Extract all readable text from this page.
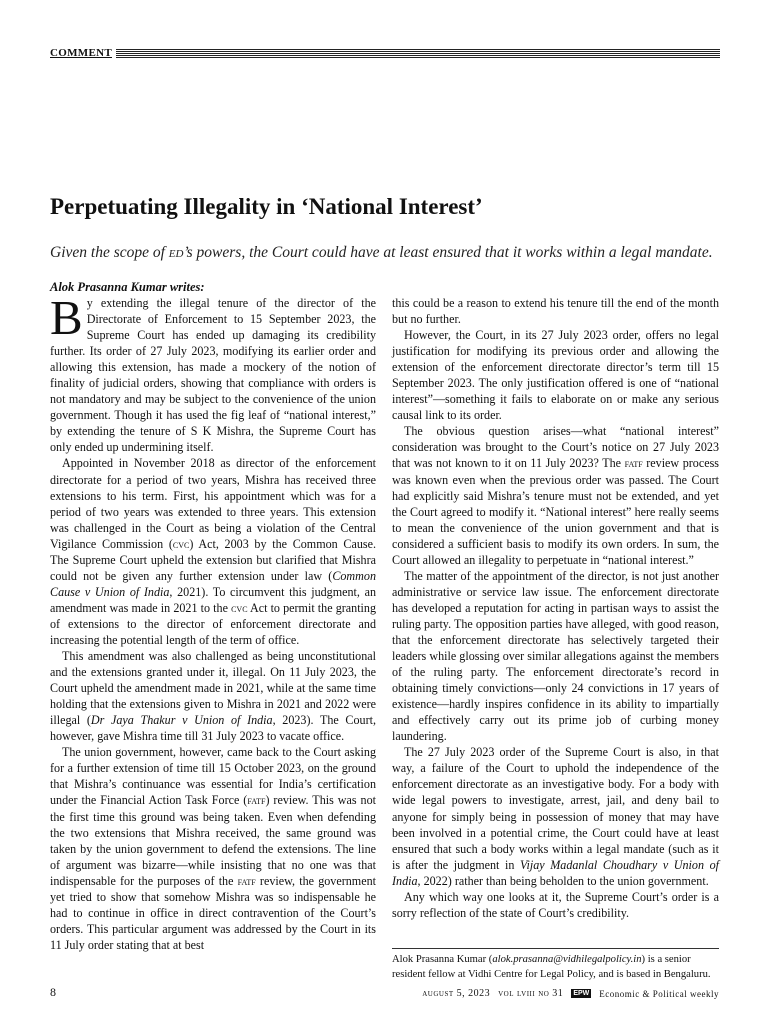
COMMENT
Perpetuating Illegality in ‘National Interest’

Given the scope of ed’s powers, the Court could have at least ensured that it works within a legal mandate.

Alok Prasanna Kumar writes:

By extending the illegal tenure of the director of the Directorate of Enforcement to 15 September 2023, the Supreme Court has ended up damaging its credibility further. Its order of 27 July 2023, modifying its earlier order and allowing this extension, has made a mockery of the notion of finality of judicial orders, showing that compliance with orders is not mandatory and may be subject to the convenience of the union government. Though it has used the fig leaf of “national interest,” by extending the tenure of S K Mishra, the Supreme Court has only ended up undermining itself.

Appointed in November 2018 as director of the enforcement directorate for a period of two years, Mishra has received three extensions to his term. First, his appointment which was for a period of two years was extended to three years. This extension was challenged in the Court as being a violation of the Central Vigilance Commission (cvc) Act, 2003 by the Common Cause. The Supreme Court upheld the extension but clarified that Mishra could not be given any further extension under law (Common Cause v Union of India, 2021). To circumvent this judgment, an amendment was made in 2021 to the cvc Act to permit the granting of extensions to the director of enforcement directorate and increasing the potential length of the term of office.

This amendment was also challenged as being unconstitutional and the extensions granted under it, illegal. On 11 July 2023, the Court upheld the amendment made in 2021, while at the same time holding that the extensions given to Mishra in 2021 and 2022 were illegal (Dr Jaya Thakur v Union of India, 2023). The Court, however, gave Mishra time till 31 July 2023 to vacate office.

The union government, however, came back to the Court asking for a further extension of time till 15 October 2023, on the ground that Mishra’s continuance was essential for India’s certification under the Financial Action Task Force (fatf) review. This was not the first time this ground was being taken. Even when defending the two extensions that Mishra received, the same ground was taken by the union government to defend the extensions. The line of argument was bizarre—while insisting that no one was that indispensable for the purposes of the fatf review, the government yet tried to show that somehow Mishra was so indispensable he had to continue in office in direct contravention of the Court’s orders. This particular argument was addressed by the Court in its 11 July order stating that at best

this could be a reason to extend his tenure till the end of the month but no further.

However, the Court, in its 27 July 2023 order, offers no legal justification for modifying its previous order and allowing the extension of the enforcement directorate director’s term till 15 September 2023. The only justification offered is one of “national interest”—something it fails to elaborate on or make any serious causal link to its order.

The obvious question arises—what “national interest” consideration was brought to the Court’s notice on 27 July 2023 that was not known to it on 11 July 2023? The fatf review process was known even when the previous order was passed. The Court had explicitly said Mishra’s tenure must not be extended, and yet the Court agreed to modify it. “National interest” here really seems to mean the convenience of the union government and that is considered a sufficient basis to modify its own orders. In sum, the Court allowed an illegality to perpetuate in “national interest.”

The matter of the appointment of the director, is not just another administrative or service law issue. The enforcement directorate has developed a reputation for acting in partisan ways to assist the ruling party. The opposition parties have alleged, with good reason, that the enforcement directorate has selectively targeted their leaders while glossing over similar allegations against the members of the ruling party. The enforcement directorate’s record in obtaining timely convictions—only 24 convictions in 17 years of existence—hardly inspires confidence in its ability to impartially and effectively carry out its prime job of curbing money laundering.

The 27 July 2023 order of the Supreme Court is also, in that way, a failure of the Court to uphold the independence of the enforcement directorate as an investigative body. For a body with wide legal powers to investigate, arrest, jail, and deny bail to anyone for simply being in possession of money that may have been involved in a potential crime, the Court could have at least ensured that such a body works within a legal mandate (such as it is after the judgment in Vijay Madanlal Choudhary v Union of India, 2022) rather than being beholden to the union government.

Any which way one looks at it, the Supreme Court’s order is a sorry reflection of the state of Court’s credibility.

Alok Prasanna Kumar (alok.prasanna@vidhilegalpolicy.in) is a senior resident fellow at Vidhi Centre for Legal Policy, and is based in Bengaluru.

8	august 5, 2023 vol lviii no 31 EPW Economic & Political weekly
